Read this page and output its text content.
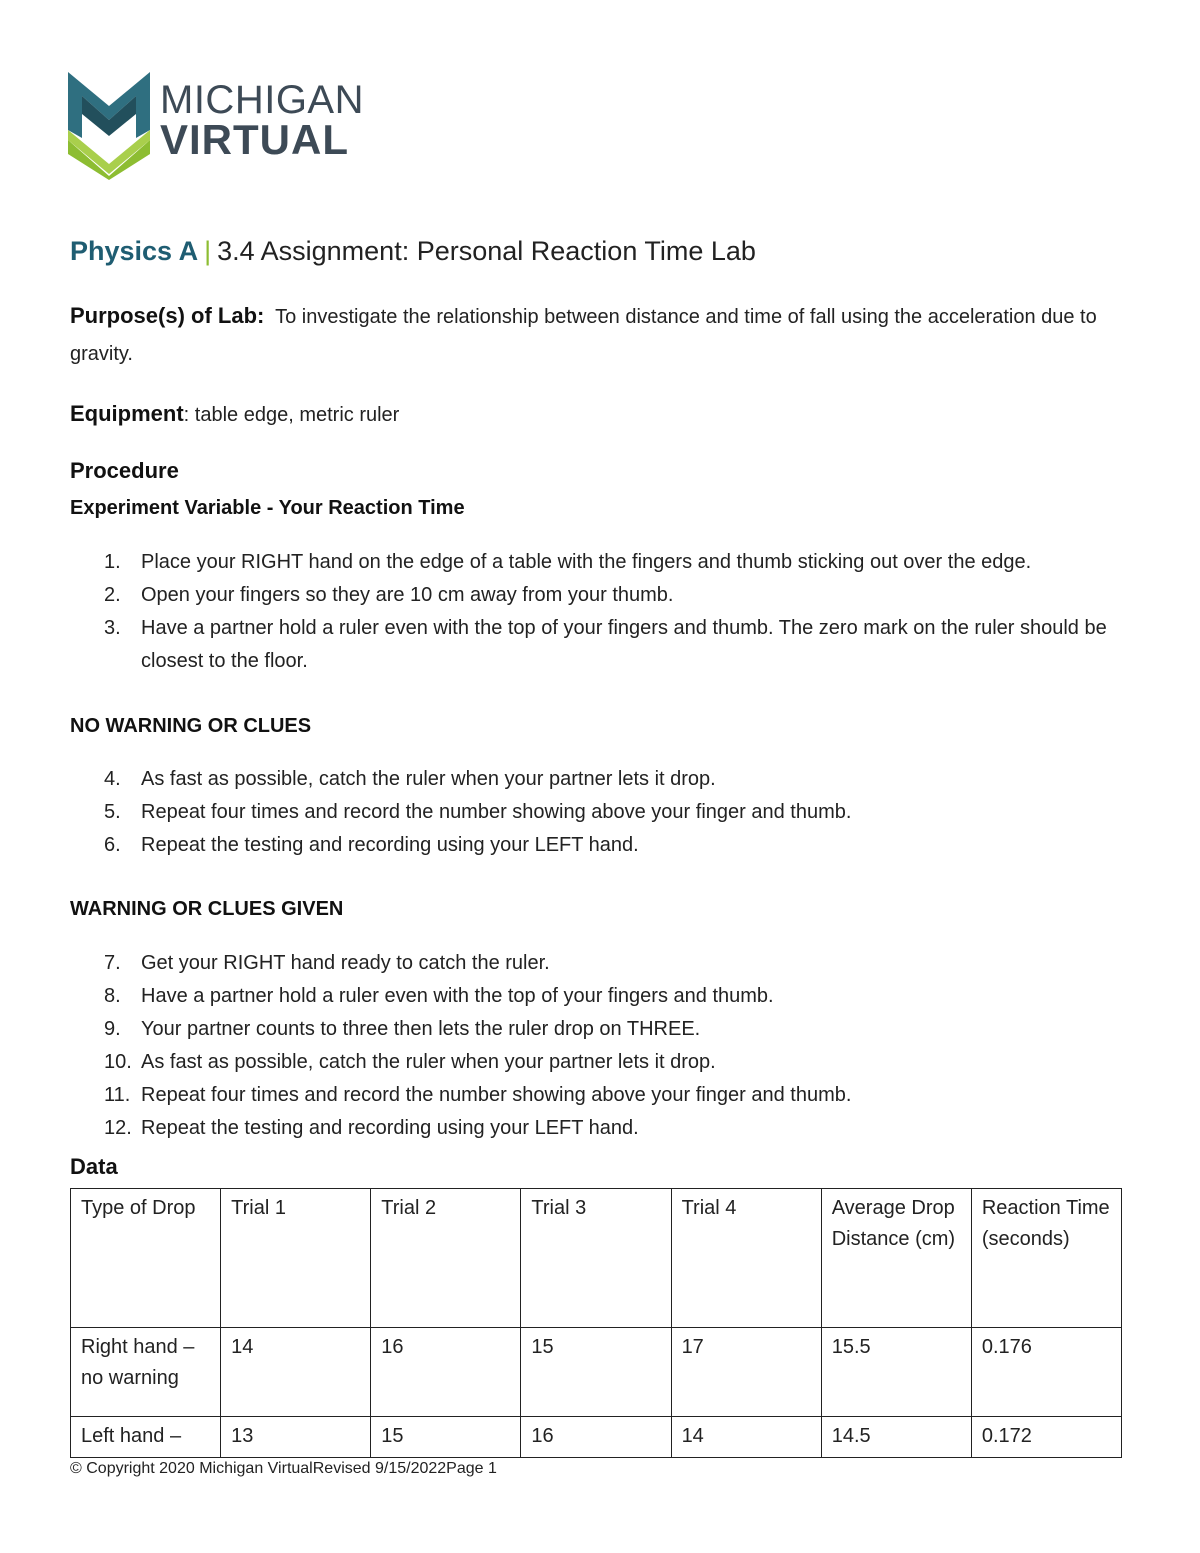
MICHIGAN
VIRTUAL
Physics A | 3.4 Assignment: Personal Reaction Time Lab
Purpose(s) of Lab: To investigate the relationship between distance and time of fall using the acceleration due to gravity.
Equipment: table edge, metric ruler
Procedure
Experiment Variable - Your Reaction Time
1. Place your RIGHT hand on the edge of a table with the fingers and thumb sticking out over the edge.
2. Open your fingers so they are 10 cm away from your thumb.
3. Have a partner hold a ruler even with the top of your fingers and thumb. The zero mark on the ruler should be closest to the floor.
NO WARNING OR CLUES
4. As fast as possible, catch the ruler when your partner lets it drop.
5. Repeat four times and record the number showing above your finger and thumb.
6. Repeat the testing and recording using your LEFT hand.
WARNING OR CLUES GIVEN
7. Get your RIGHT hand ready to catch the ruler.
8. Have a partner hold a ruler even with the top of your fingers and thumb.
9. Your partner counts to three then lets the ruler drop on THREE.
10. As fast as possible, catch the ruler when your partner lets it drop.
11. Repeat four times and record the number showing above your finger and thumb.
12. Repeat the testing and recording using your LEFT hand.
Data
Type of Drop	Trial 1	Trial 2	Trial 3	Trial 4	Average Drop Distance (cm)	Reaction Time (seconds)
Right hand – no warning	14	16	15	17	15.5	0.176
Left hand –	13	15	16	14	14.5	0.172
© Copyright 2020 Michigan VirtualRevised 9/15/2022Page 1
